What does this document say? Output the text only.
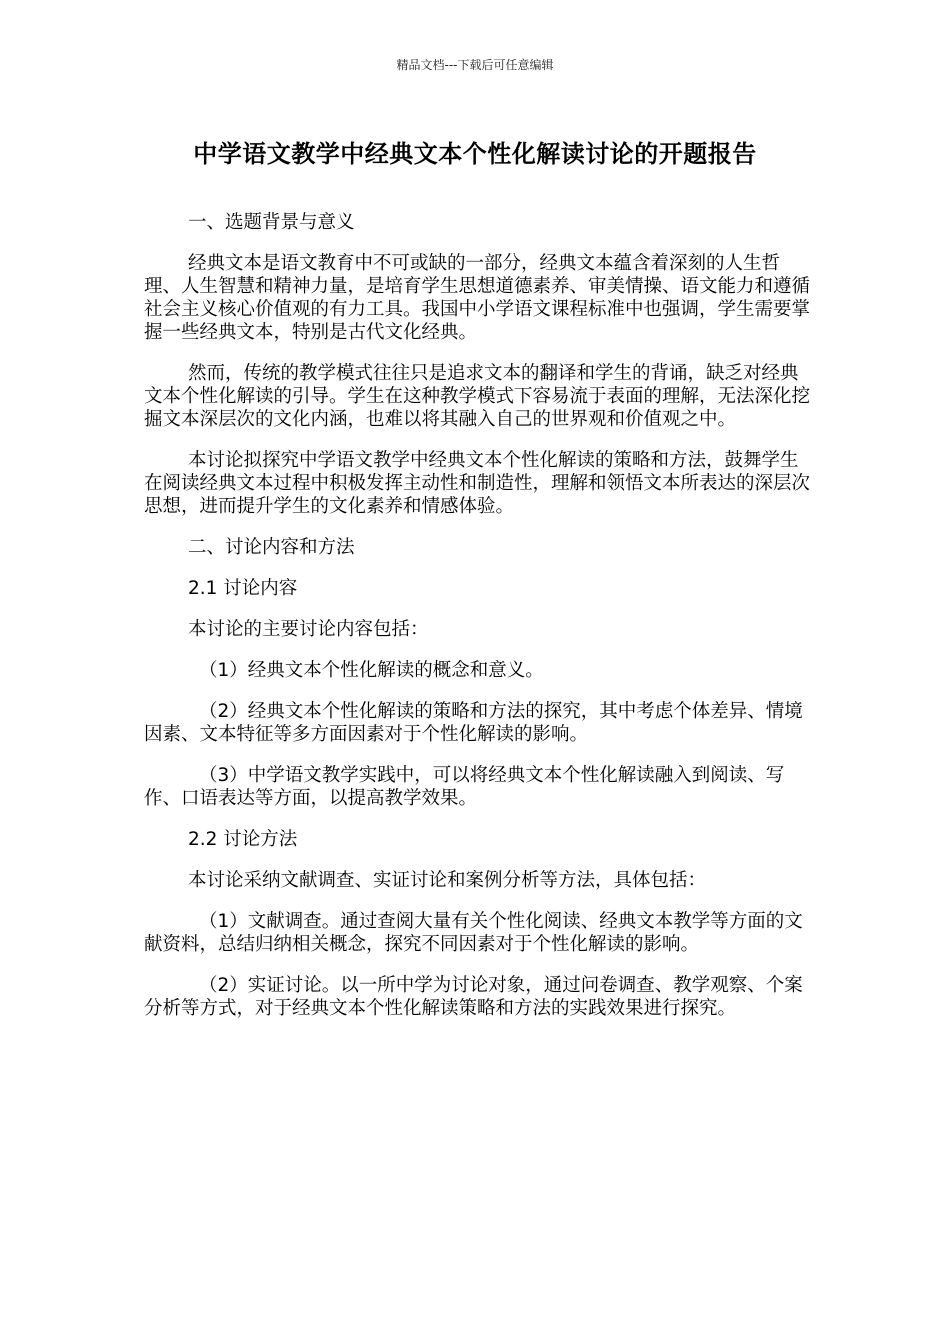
精品文档---下载后可任意编辑
中学语文教学中经典文本个性化解读讨论的开题报告

一、选题背景与意义

经典文本是语文教育中不可或缺的一部分，经典文本蕴含着深刻的人生哲理、人生智慧和精神力量，是培育学生思想道德素养、审美情操、语文能力和遵循社会主义核心价值观的有力工具。我国中小学语文课程标准中也强调，学生需要掌握一些经典文本，特别是古代文化经典。

然而，传统的教学模式往往只是追求文本的翻译和学生的背诵，缺乏对经典文本个性化解读的引导。学生在这种教学模式下容易流于表面的理解，无法深化挖掘文本深层次的文化内涵，也难以将其融入自己的世界观和价值观之中。

本讨论拟探究中学语文教学中经典文本个性化解读的策略和方法，鼓舞学生在阅读经典文本过程中积极发挥主动性和制造性，理解和领悟文本所表达的深层次思想，进而提升学生的文化素养和情感体验。

二、讨论内容和方法

2.1 讨论内容

本讨论的主要讨论内容包括：

（1）经典文本个性化解读的概念和意义。

（2）经典文本个性化解读的策略和方法的探究，其中考虑个体差异、情境因素、文本特征等多方面因素对于个性化解读的影响。

（3）中学语文教学实践中，可以将经典文本个性化解读融入到阅读、写作、口语表达等方面，以提高教学效果。

2.2 讨论方法

本讨论采纳文献调查、实证讨论和案例分析等方法，具体包括：

（1）文献调查。通过查阅大量有关个性化阅读、经典文本教学等方面的文献资料，总结归纳相关概念，探究不同因素对于个性化解读的影响。

（2）实证讨论。以一所中学为讨论对象，通过问卷调查、教学观察、个案分析等方式，对于经典文本个性化解读策略和方法的实践效果进行探究。
